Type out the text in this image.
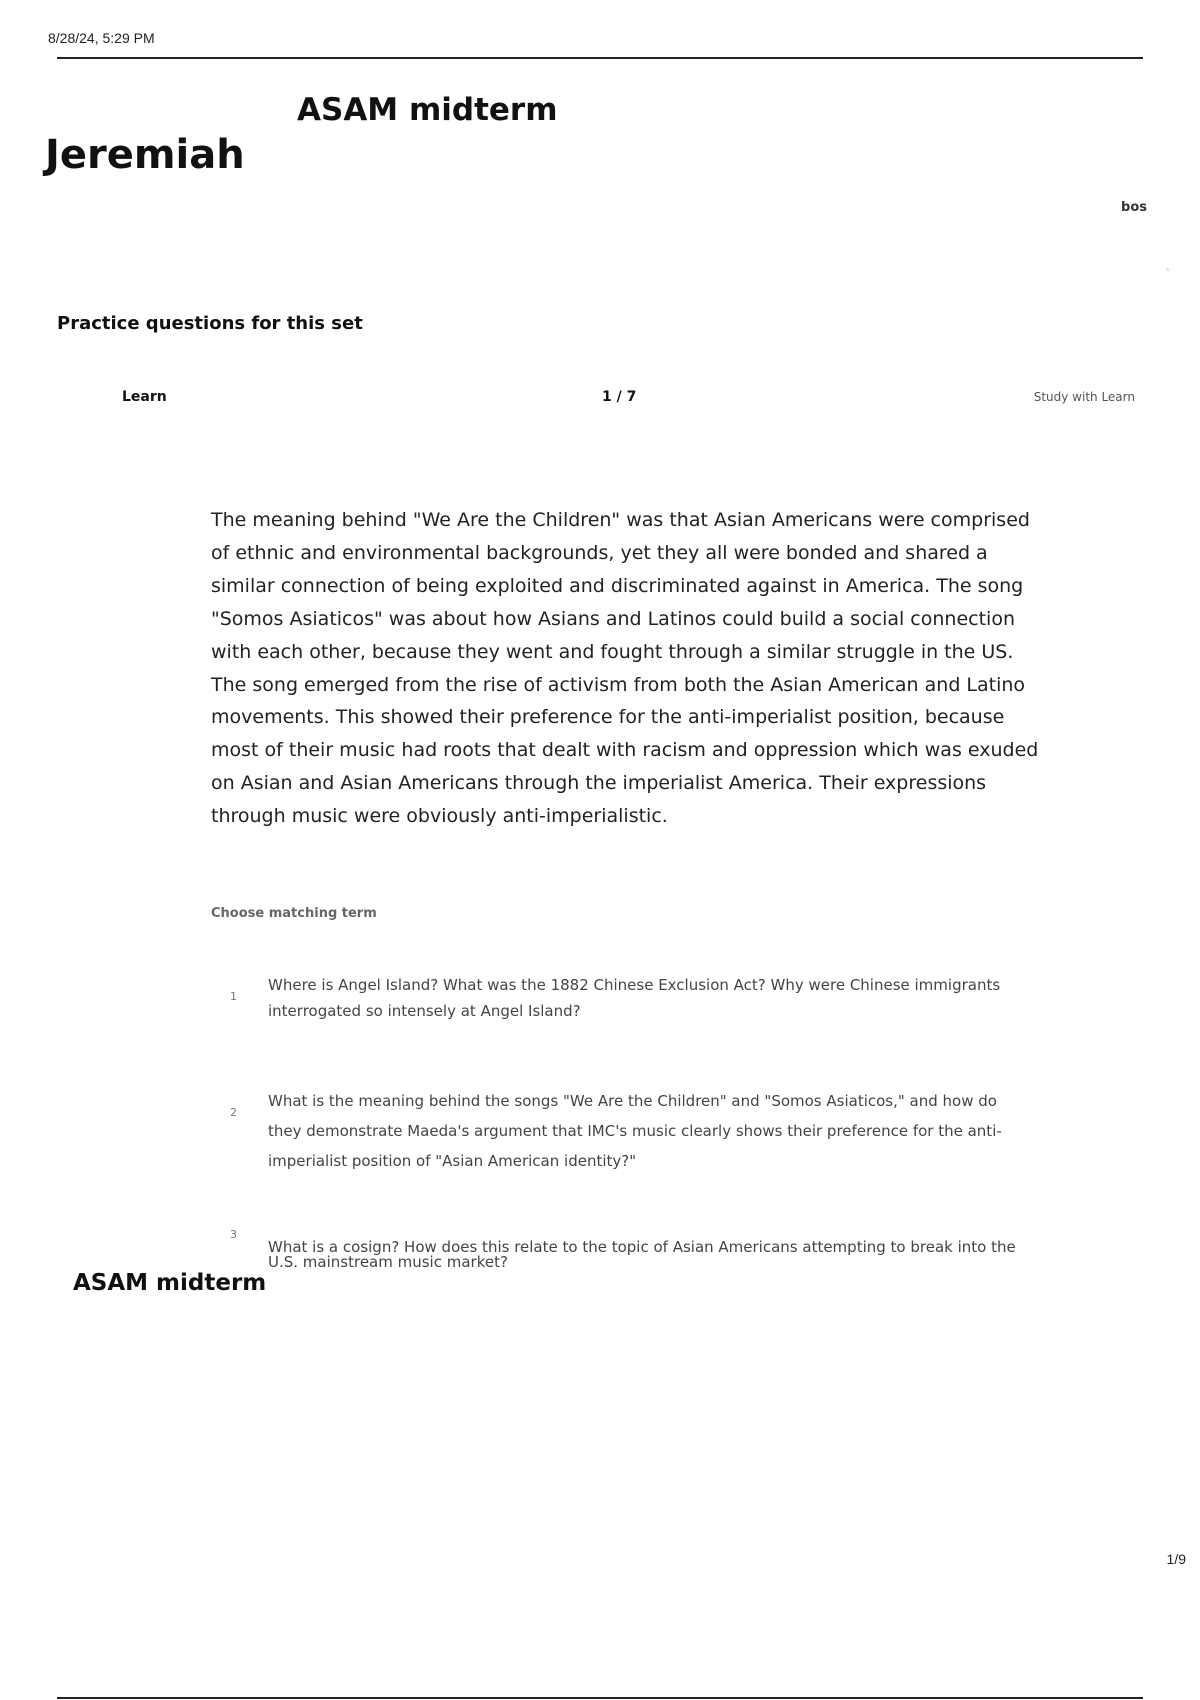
8/28/24, 5:29 PM
ASAM midterm
Jeremiah
bos
Practice questions for this set
Learn	1 / 7	Study with Learn
The meaning behind "We Are the Children" was that Asian Americans were comprised of ethnic and environmental backgrounds, yet they all were bonded and shared a similar connection of being exploited and discriminated against in America. The song "Somos Asiaticos" was about how Asians and Latinos could build a social connection with each other, because they went and fought through a similar struggle in the US. The song emerged from the rise of activism from both the Asian American and Latino movements. This showed their preference for the anti-imperialist position, because most of their music had roots that dealt with racism and oppression which was exuded on Asian and Asian Americans through the imperialist America. Their expressions through music were obviously anti-imperialistic.
Choose matching term
1
Where is Angel Island? What was the 1882 Chinese Exclusion Act? Why were Chinese immigrants interrogated so intensely at Angel Island?
2
What is the meaning behind the songs "We Are the Children" and "Somos Asiaticos," and how do they demonstrate Maeda's argument that IMC's music clearly shows their preference for the anti-imperialist position of "Asian American identity?"
3
What is a cosign? How does this relate to the topic of Asian Americans attempting to break into the U.S. mainstream music market?
ASAM midterm
1/9
